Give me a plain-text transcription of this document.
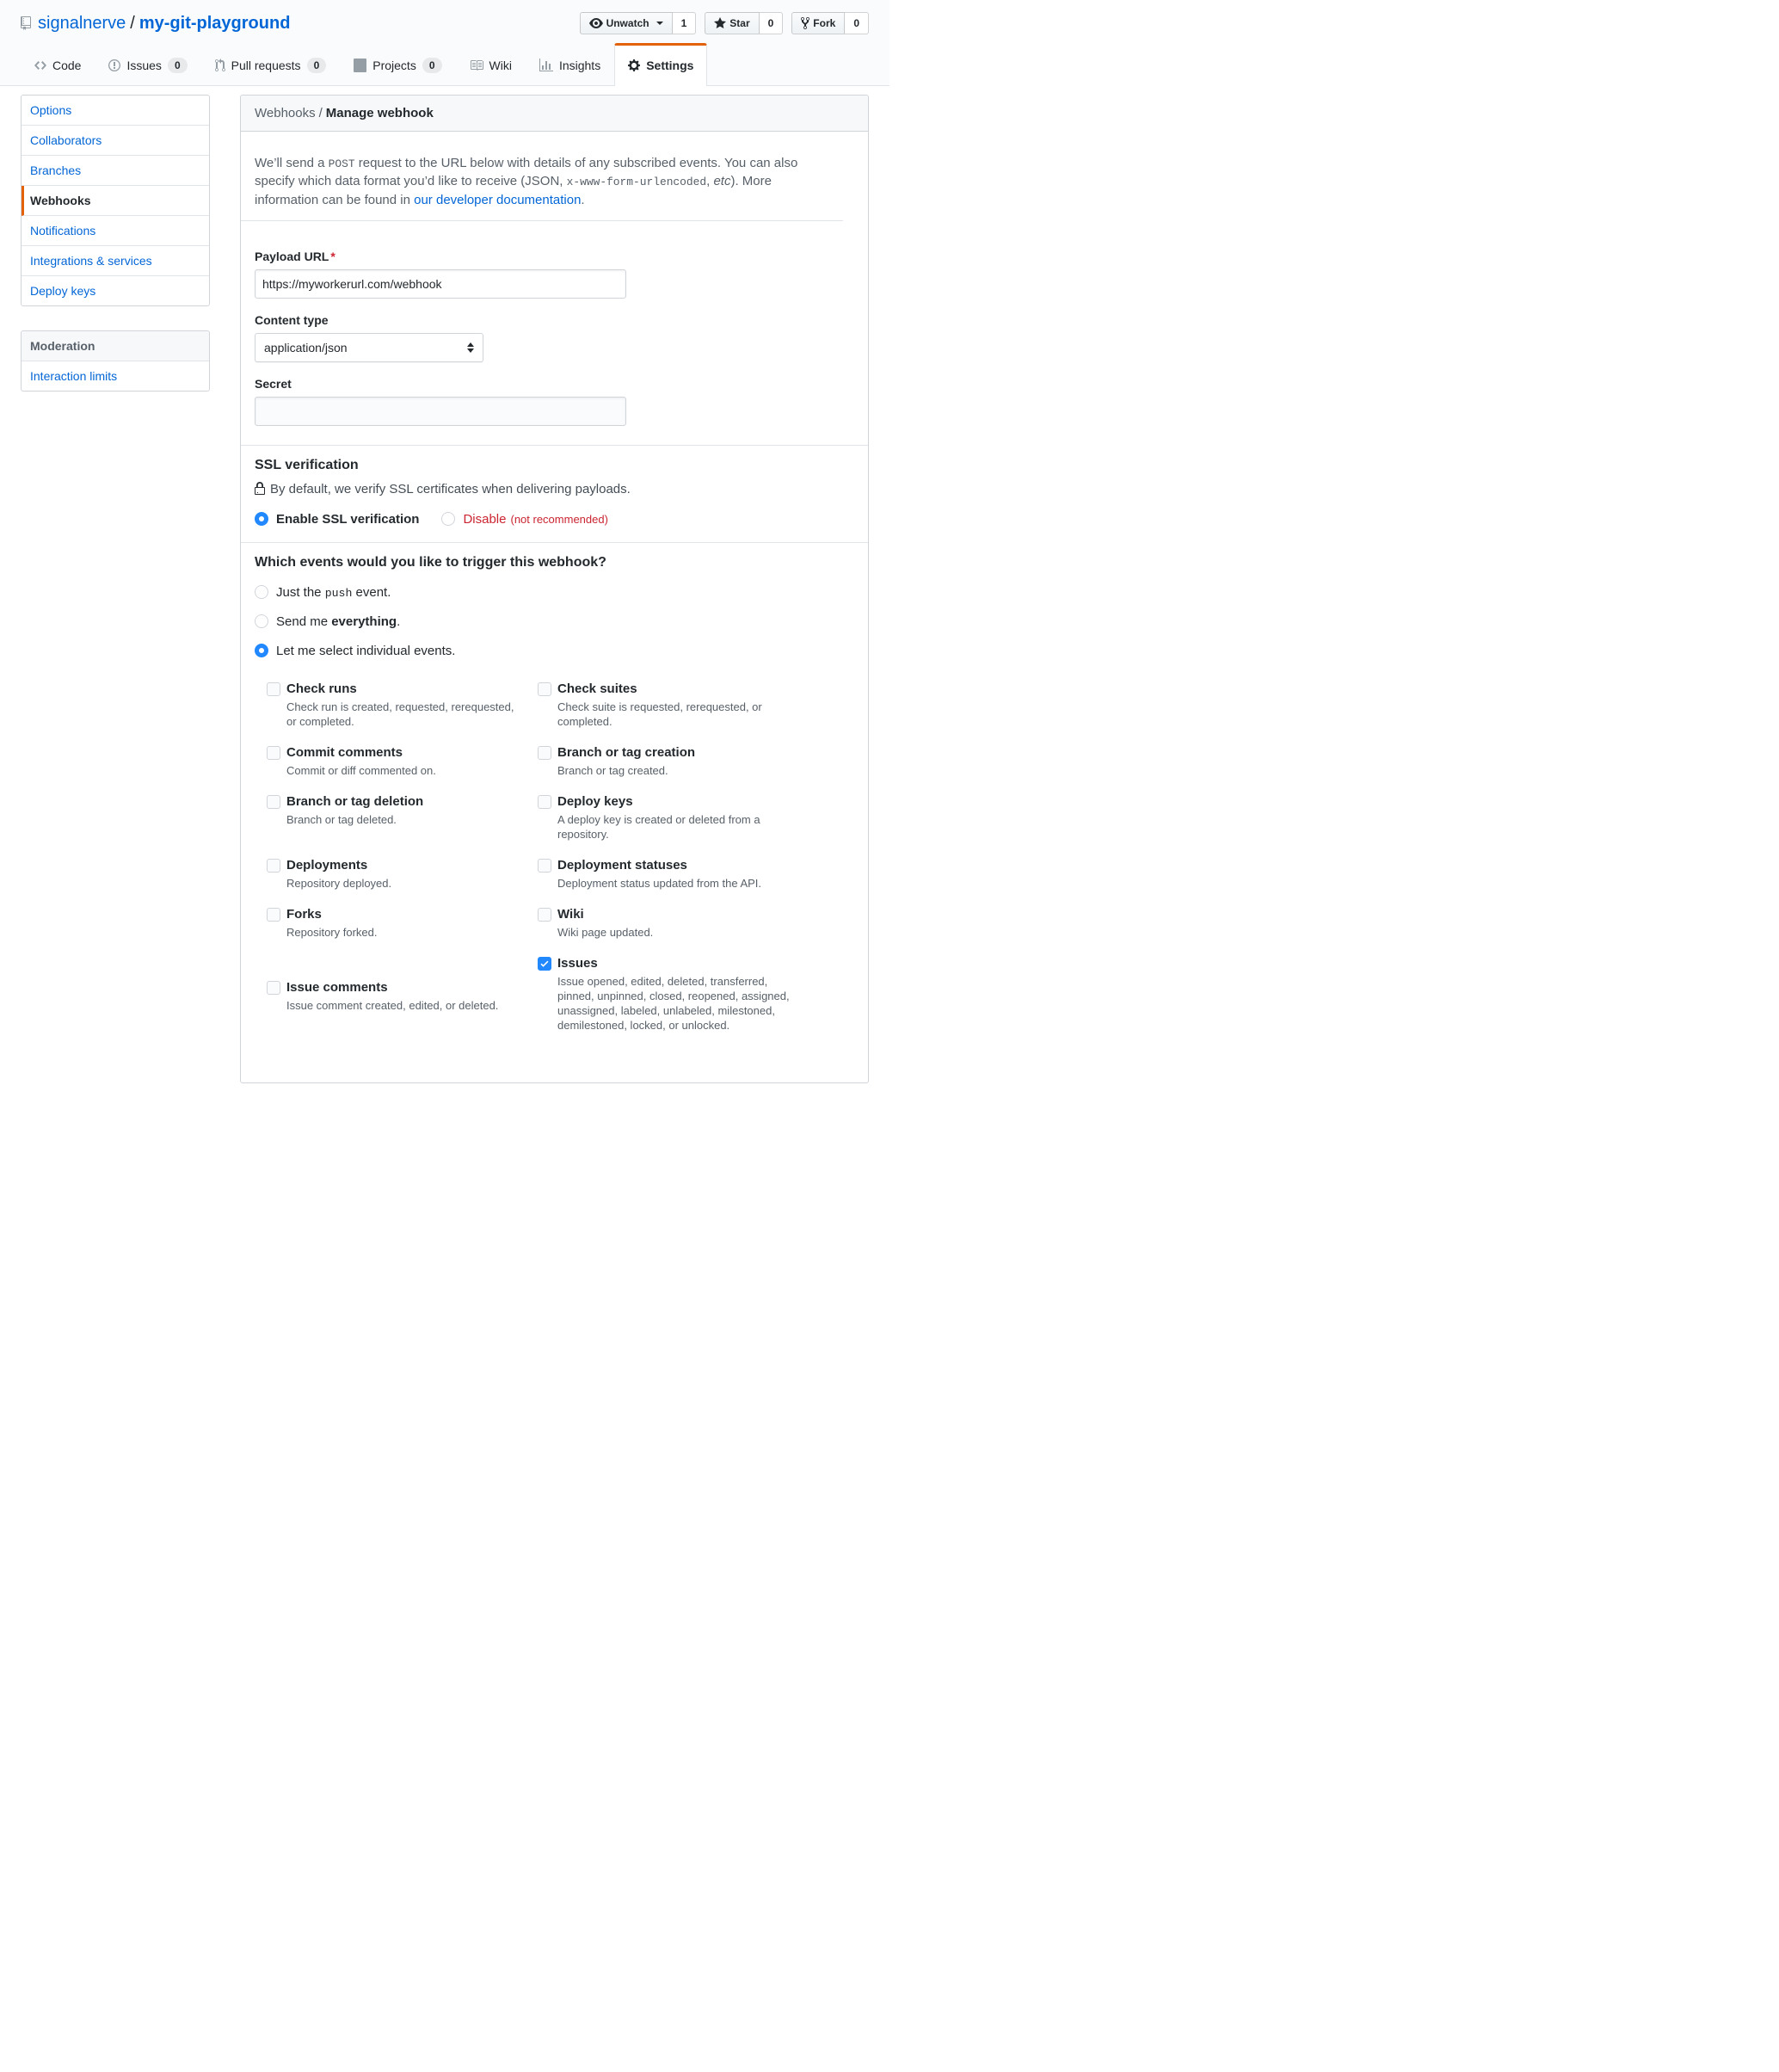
signalnerve / my-git-playground	Unwatch	1	Star	0	Fork	0
Code	Issues	0	Pull requests	0	Projects	0	Wiki	Insights	Settings
Options
Collaborators
Branches
Webhooks
Notifications
Integrations & services
Deploy keys
Moderation
Interaction limits
Webhooks / Manage webhook

We’ll send a POST request to the URL below with details of any subscribed events. You can also specify which data format you’d like to receive (JSON, x-www-form-urlencoded, etc). More information can be found in our developer documentation.

Payload URL *
https://myworkerurl.com/webhook
Content type
application/json
Secret
SSL verification

By default, we verify SSL certificates when delivering payloads.

Enable SSL verification	Disable (not recommended)
Which events would you like to trigger this webhook?
Just the push event.
Send me everything.
Let me select individual events.
Check runs
Check run is created, requested, rerequested, or completed.
Check suites
Check suite is requested, rerequested, or completed.
Commit comments
Commit or diff commented on.
Branch or tag creation
Branch or tag created.
Branch or tag deletion
Branch or tag deleted.
Deploy keys
A deploy key is created or deleted from a repository.
Deployments
Repository deployed.
Deployment statuses
Deployment status updated from the API.
Forks
Repository forked.
Wiki
Wiki page updated.
Issue comments
Issue comment created, edited, or deleted.
Issues
Issue opened, edited, deleted, transferred, pinned, unpinned, closed, reopened, assigned, unassigned, labeled, unlabeled, milestoned, demilestoned, locked, or unlocked.
